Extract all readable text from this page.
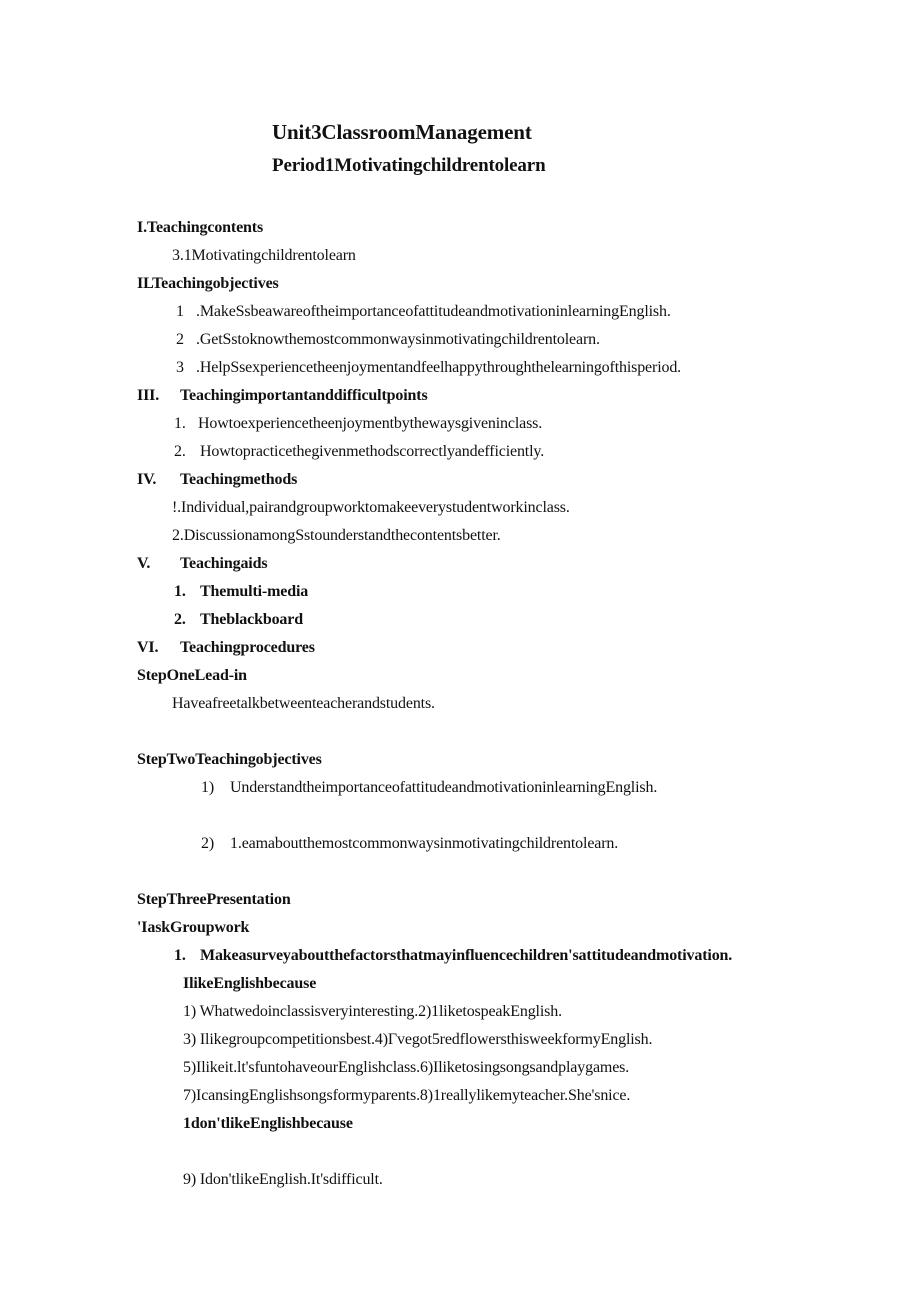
Unit3ClassroomManagement
Period1Motivatingchildrentolearn
I.Teachingcontents
3.1Motivatingchildrentolearn
ILTeachingobjectives
1 .MakeSsbeawareoftheimportanceofattitudeandmotivationinlearningEnglish.
2 .GetSstoknowthemostcommonwaysinmotivatingchildrentolearn.
3 .HelpSsexperiencetheenjoymentandfeelhappythroughthelearningofthisperiod.
III. Teachingimportantanddifficultpoints
1. Howtoexperiencetheenjoymentbythewaysgiveninclass.
2. Howtopracticethegivenmethodscorrectlyandefficiently.
IV. Teachingmethods
!.Individual,pairandgroupworktomakeeverystudentworkinclass.
2.DiscussionamongSstounderstandthecontentsbetter.
V. Teachingaids
1. Themulti-media
2. Theblackboard
VI. Teachingprocedures
StepOneLead-in
Haveafreetalkbetweenteacherandstudents.
StepTwoTeachingobjectives
1) UnderstandtheimportanceofattitudeandmotivationinlearningEnglish.
2) 1.eamaboutthemostcommonwaysinmotivatingchildrentolearn.
StepThreePresentation
'IaskGroupwork
1. Makeasurveyaboutthefactorsthatmayinfluencechildren'sattitudeandmotivation.
IlikeEnglishbecause
1) Whatwedoinclassisveryinteresting.2)1liketospeakEnglish.
3) Ilikegroupcompetitionsbest.4)Γvegot5redflowersthisweekformyEnglish.
5)Ilikeit.lt'sfuntohaveourEnglishclass.6)Iliketosingsongsandplaygames.
7)IcansingEnglishsongsformyparents.8)1reallylikemyteacher.She'snice.
1don'tlikeEnglishbecause
9) Idon'tlikeEnglish.It'sdifficult.
